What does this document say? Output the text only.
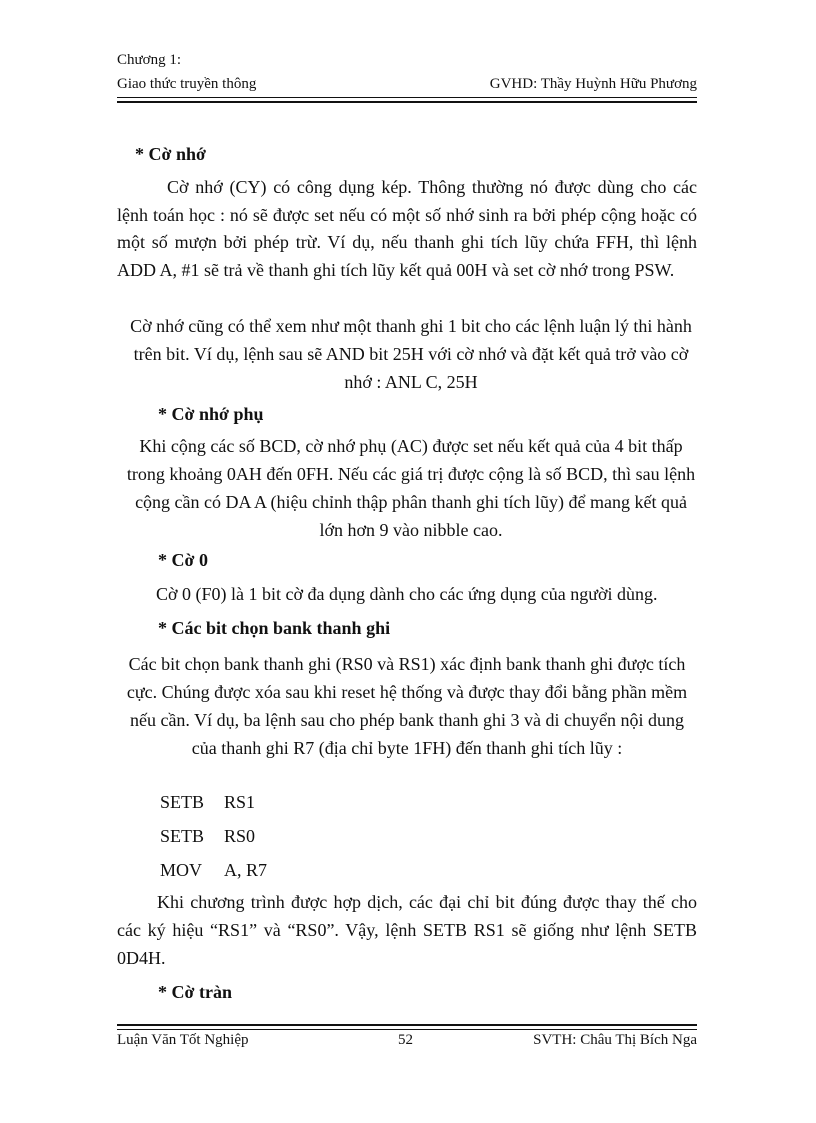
Chương 1:
Giao thức truyền thông	GVHD: Thầy Huỳnh Hữu Phương

* Cờ nhớ

Cờ nhớ (CY) có công dụng kép. Thông thường nó được dùng cho các lệnh toán học : nó sẽ được set nếu có một số nhớ sinh ra bởi phép cộng hoặc có một số mượn bởi phép trừ. Ví dụ, nếu thanh ghi tích lũy chứa FFH, thì lệnh ADD A, #1 sẽ trả về thanh ghi tích lũy kết quả 00H và set cờ nhớ trong PSW.

Cờ nhớ cũng có thể xem như một thanh ghi 1 bit cho các lệnh luận lý thi hành trên bit. Ví dụ, lệnh sau sẽ AND bit 25H với cờ nhớ và đặt kết quả trở vào cờ nhớ : ANL C, 25H

* Cờ nhớ phụ

Khi cộng các số BCD, cờ nhớ phụ (AC) được set nếu kết quả của 4 bit thấp trong khoảng 0AH đến 0FH. Nếu các giá trị được cộng là số BCD, thì sau lệnh cộng cần có DA A (hiệu chỉnh thập phân thanh ghi tích lũy) để mang kết quả lớn hơn 9 vào nibble cao.

* Cờ 0

Cờ 0 (F0) là 1 bit cờ đa dụng dành cho các ứng dụng của người dùng.

* Các bit chọn bank thanh ghi

Các bit chọn bank thanh ghi (RS0 và RS1) xác định bank thanh ghi được tích cực. Chúng được xóa sau khi reset hệ thống và được thay đổi bằng phần mềm nếu cần. Ví dụ, ba lệnh sau cho phép bank thanh ghi 3 và di chuyển nội dung của thanh ghi R7 (địa chỉ byte 1FH) đến thanh ghi tích lũy :

SETB RS1
SETB RS0
MOV A, R7

Khi chương trình được hợp dịch, các đại chỉ bit đúng được thay thế cho các ký hiệu “RS1” và “RS0”. Vậy, lệnh SETB RS1 sẽ giống như lệnh SETB 0D4H.

* Cờ tràn

Luận Văn Tốt Nghiệp	52	SVTH: Châu Thị Bích Nga
